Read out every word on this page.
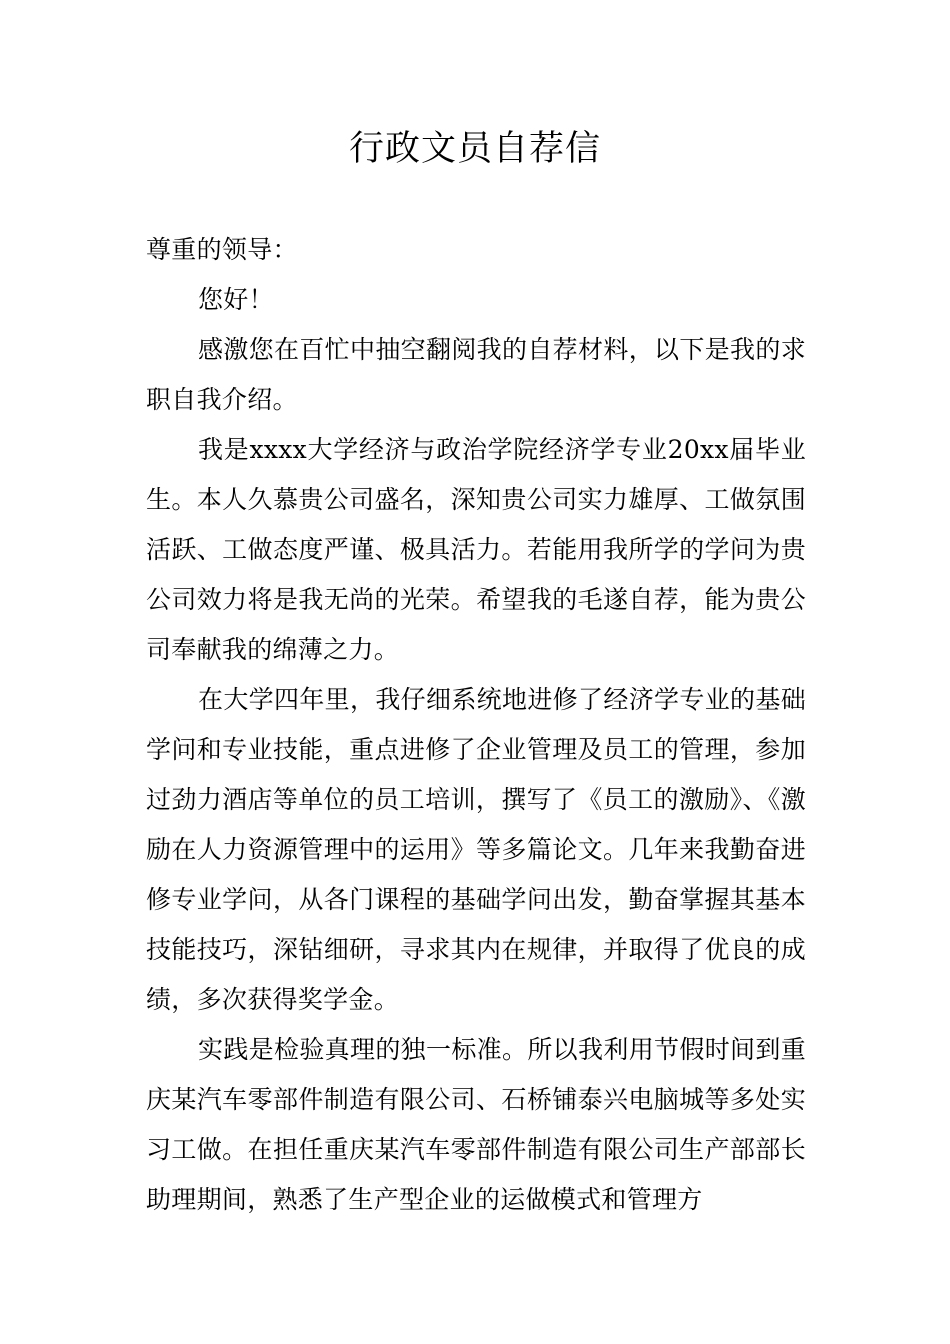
行政文员自荐信

尊重的领导：

您好！

感激您在百忙中抽空翻阅我的自荐材料，以下是我的求职自我介绍。

我是xxxx大学经济与政治学院经济学专业20xx届毕业生。本人久慕贵公司盛名，深知贵公司实力雄厚、工做氛围活跃、工做态度严谨、极具活力。若能用我所学的学问为贵公司效力将是我无尚的光荣。希望我的毛遂自荐，能为贵公司奉献我的绵薄之力。

在大学四年里，我仔细系统地进修了经济学专业的基础学问和专业技能，重点进修了企业管理及员工的管理，参加过劲力酒店等单位的员工培训，撰写了《员工的激励》、《激励在人力资源管理中的运用》等多篇论文。几年来我勤奋进修专业学问，从各门课程的基础学问出发，勤奋掌握其基本技能技巧，深钻细研，寻求其内在规律，并取得了优良的成绩，多次获得奖学金。

实践是检验真理的独一标准。所以我利用节假时间到重庆某汽车零部件制造有限公司、石桥铺泰兴电脑城等多处实习工做。在担任重庆某汽车零部件制造有限公司生产部部长助理期间，熟悉了生产型企业的运做模式和管理方
